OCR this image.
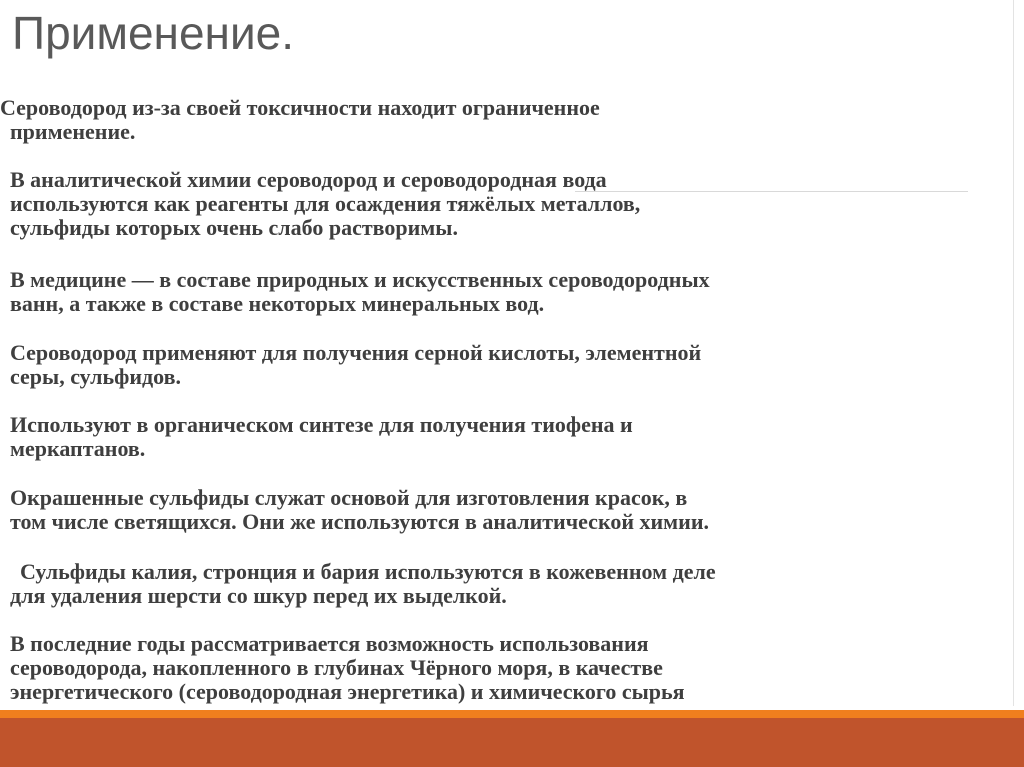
Применение.

Сероводород из-за своей токсичности находит ограниченное
применение.

В аналитической химии сероводород и сероводородная вода
используются как реагенты для осаждения тяжёлых металлов,
сульфиды которых очень слабо растворимы.

В медицине — в составе природных и искусственных сероводородных
ванн, а также в составе некоторых минеральных вод.

Сероводород применяют для получения серной кислоты, элементной
серы, сульфидов.

Используют в органическом синтезе для получения тиофена и
меркаптанов.

Окрашенные сульфиды служат основой для изготовления красок, в
том числе светящихся. Они же используются в аналитической химии.

Сульфиды калия, стронция и бария используются в кожевенном деле
для удаления шерсти со шкур перед их выделкой.

В последние годы рассматривается возможность использования
сероводорода, накопленного в глубинах Чёрного моря, в качестве
энергетического (сероводородная энергетика) и химического сырья
